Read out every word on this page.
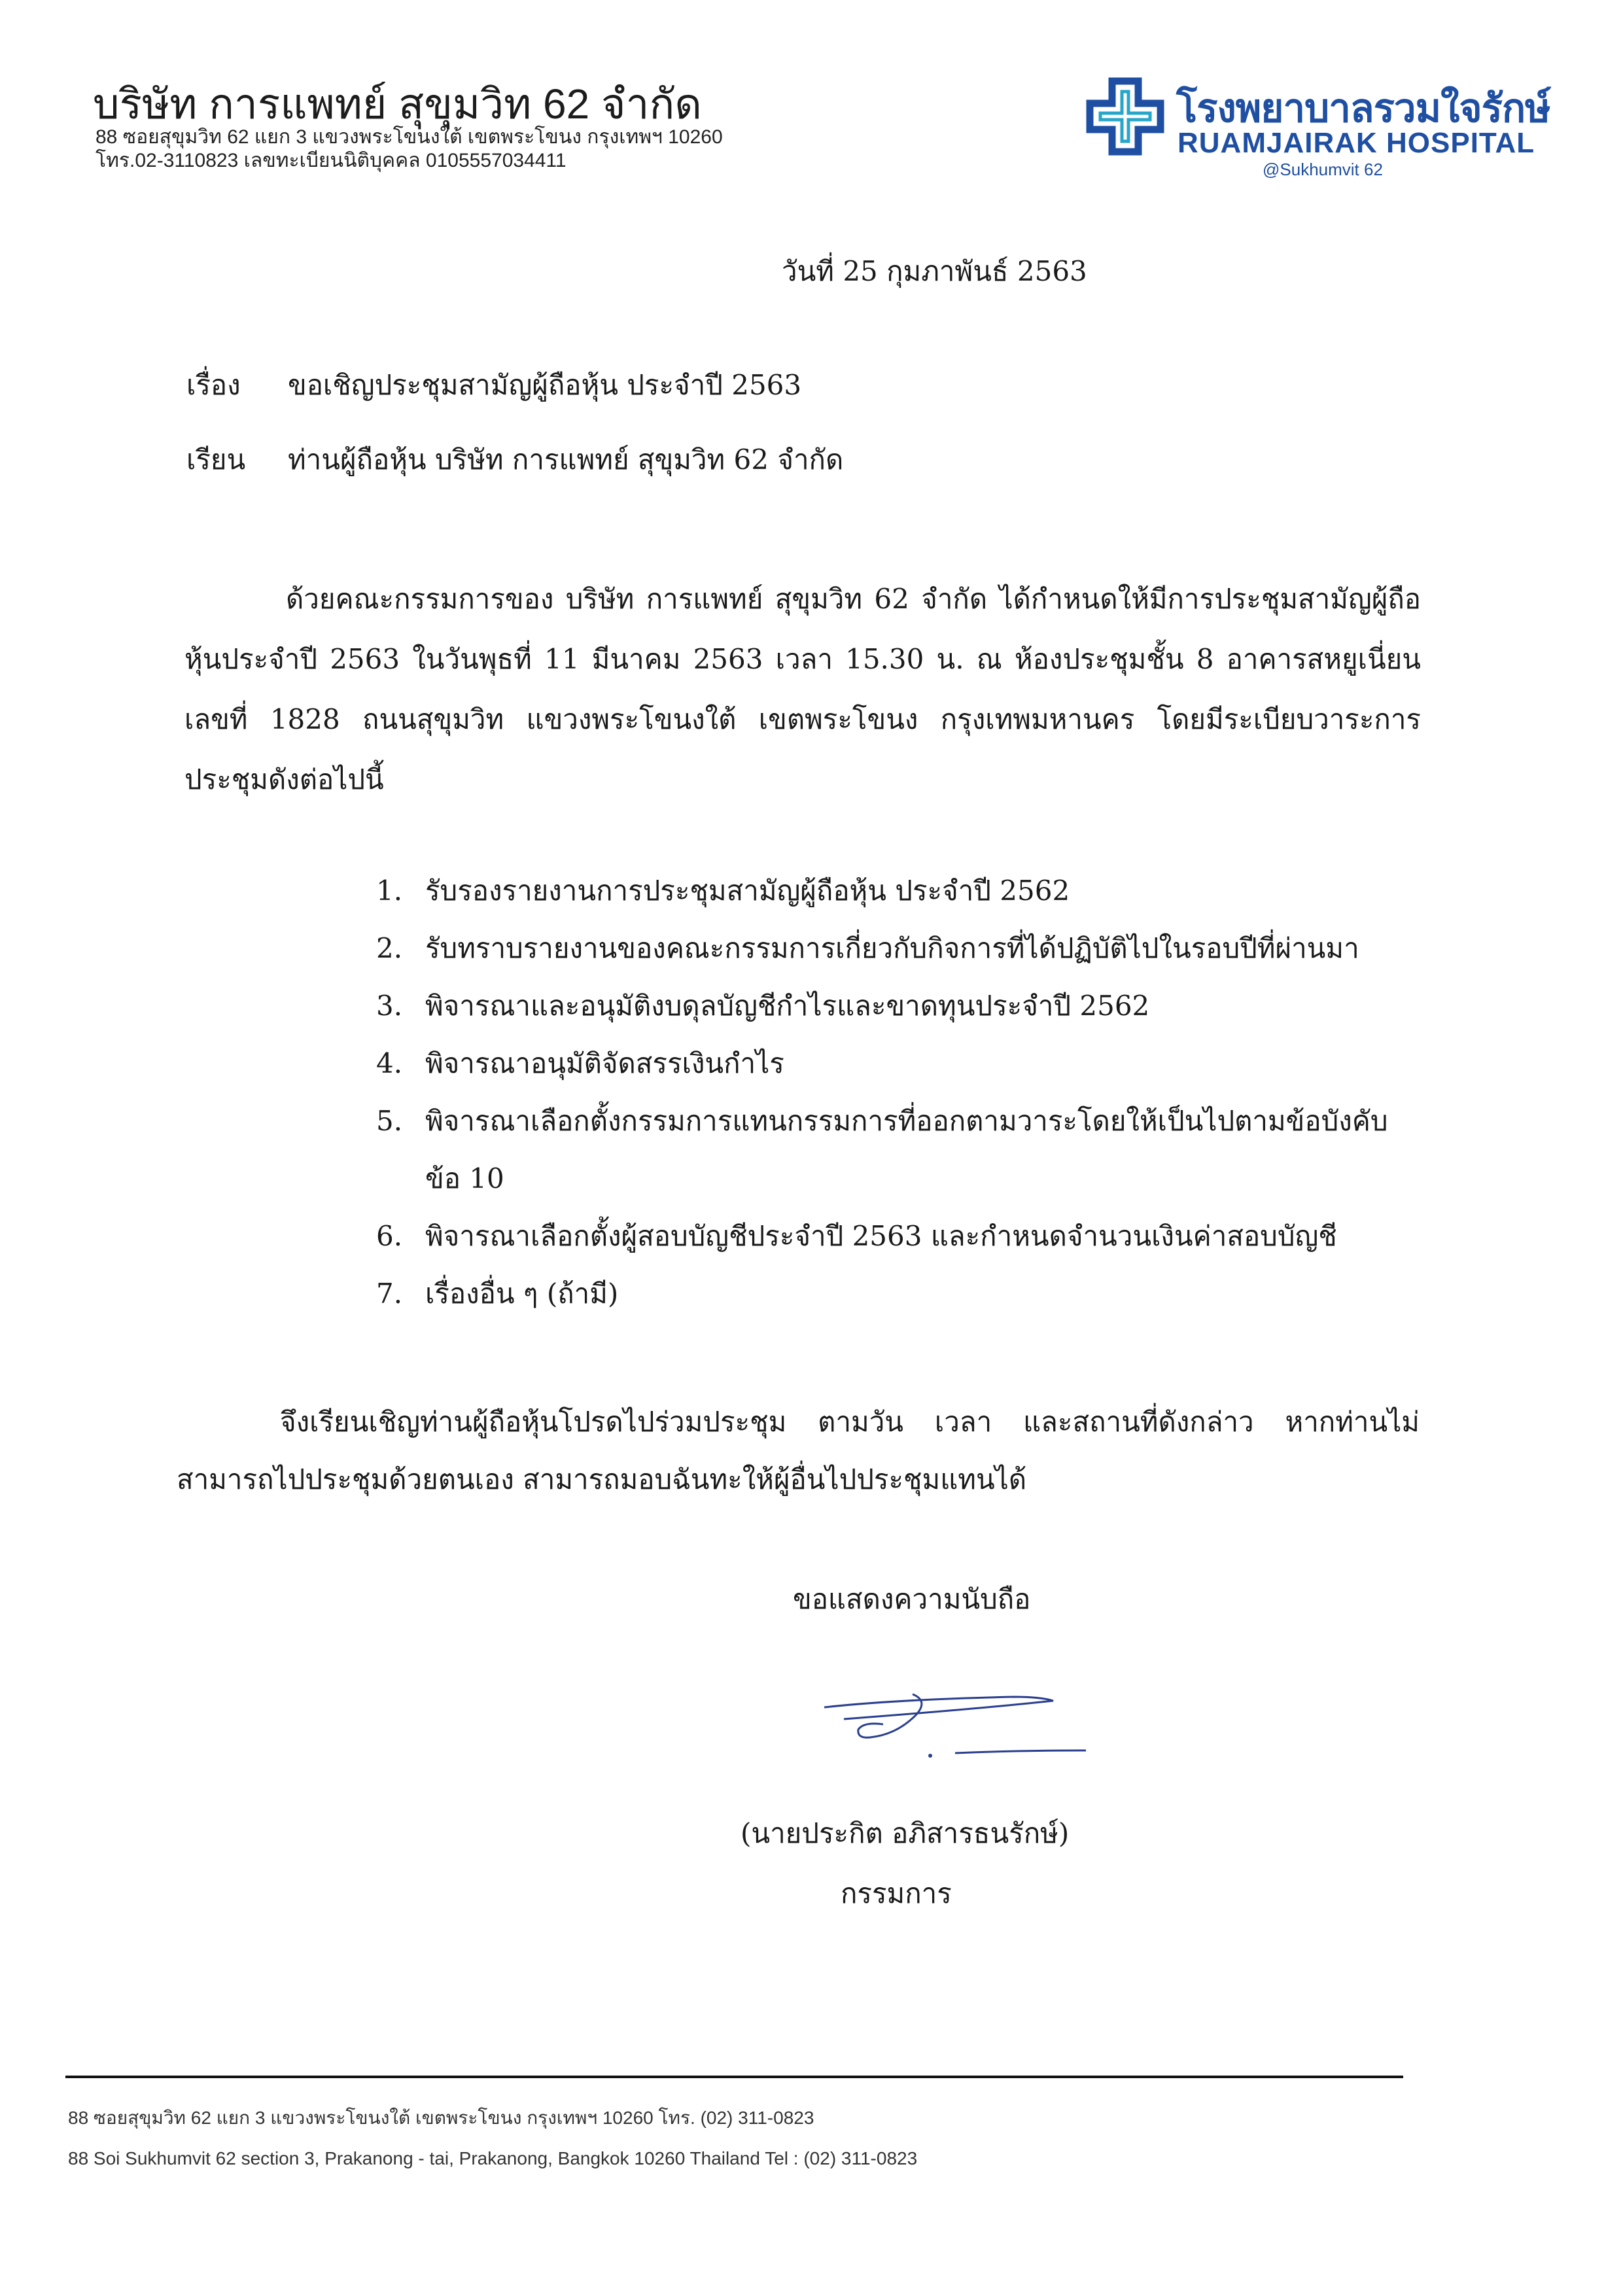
บริษัท การแพทย์ สุขุมวิท 62 จำกัด
88 ซอยสุขุมวิท 62 แยก 3 แขวงพระโขนงใต้ เขตพระโขนง กรุงเทพฯ 10260
โทร.02-3110823 เลขทะเบียนนิติบุคคล 0105557034411
โรงพยาบาลรวมใจรักษ์
RUAMJAIRAK HOSPITAL
@Sukhumvit 62
วันที่ 25 กุมภาพันธ์ 2563
เรื่อง ขอเชิญประชุมสามัญผู้ถือหุ้น ประจำปี 2563
เรียน ท่านผู้ถือหุ้น บริษัท การแพทย์ สุขุมวิท 62 จำกัด
ด้วยคณะกรรมการของ บริษัท การแพทย์ สุขุมวิท 62 จำกัด ได้กำหนดให้มีการประชุมสามัญผู้ถือหุ้นประจำปี 2563 ในวันพุธที่ 11 มีนาคม 2563 เวลา 15.30 น. ณ ห้องประชุมชั้น 8 อาคารสหยูเนี่ยน เลขที่ 1828 ถนนสุขุมวิท แขวงพระโขนงใต้ เขตพระโขนง กรุงเทพมหานคร โดยมีระเบียบวาระการประชุมดังต่อไปนี้
1. รับรองรายงานการประชุมสามัญผู้ถือหุ้น ประจำปี 2562
2. รับทราบรายงานของคณะกรรมการเกี่ยวกับกิจการที่ได้ปฏิบัติไปในรอบปีที่ผ่านมา
3. พิจารณาและอนุมัติงบดุลบัญชีกำไรและขาดทุนประจำปี 2562
4. พิจารณาอนุมัติจัดสรรเงินกำไร
5. พิจารณาเลือกตั้งกรรมการแทนกรรมการที่ออกตามวาระโดยให้เป็นไปตามข้อบังคับ ข้อ 10
6. พิจารณาเลือกตั้งผู้สอบบัญชีประจำปี 2563 และกำหนดจำนวนเงินค่าสอบบัญชี
7. เรื่องอื่น ๆ (ถ้ามี)
จึงเรียนเชิญท่านผู้ถือหุ้นโปรดไปร่วมประชุม ตามวัน เวลา และสถานที่ดังกล่าว หากท่านไม่สามารถไปประชุมด้วยตนเอง สามารถมอบฉันทะให้ผู้อื่นไปประชุมแทนได้
ขอแสดงความนับถือ
(นายประกิต อภิสารธนรักษ์)
กรรมการ
88 ซอยสุขุมวิท 62 แยก 3 แขวงพระโขนงใต้ เขตพระโขนง กรุงเทพฯ 10260 โทร. (02) 311-0823
88 Soi Sukhumvit 62 section 3, Prakanong - tai, Prakanong, Bangkok 10260 Thailand Tel : (02) 311-0823
